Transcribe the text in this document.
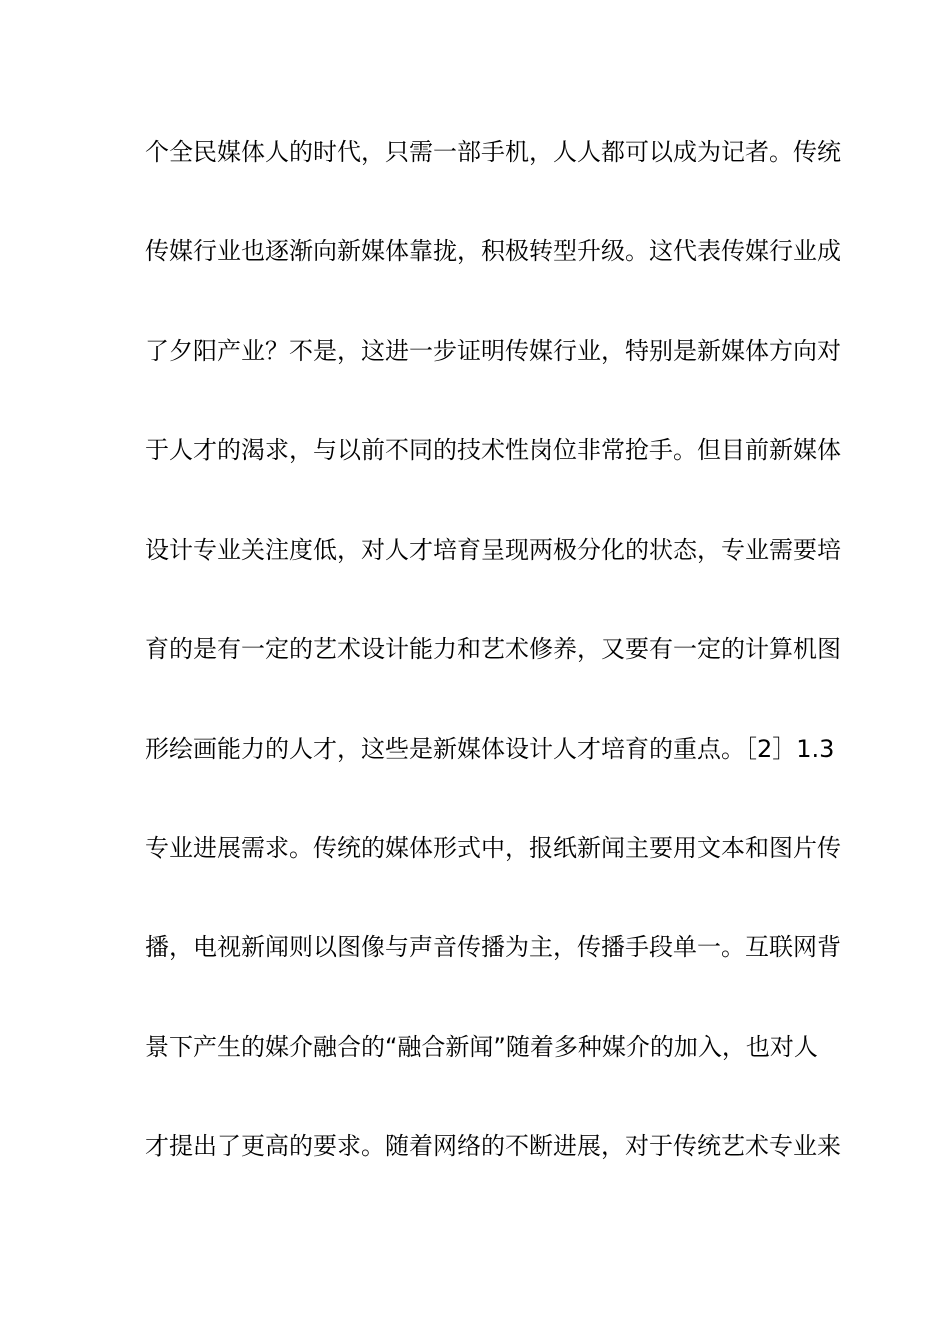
个全民媒体人的时代，只需一部手机，人人都可以成为记者。传统
传媒行业也逐渐向新媒体靠拢，积极转型升级。这代表传媒行业成
了夕阳产业？不是，这进一步证明传媒行业，特别是新媒体方向对
于人才的渴求，与以前不同的技术性岗位非常抢手。但目前新媒体
设计专业关注度低，对人才培育呈现两极分化的状态，专业需要培
育的是有一定的艺术设计能力和艺术修养，又要有一定的计算机图
形绘画能力的人才，这些是新媒体设计人才培育的重点。［2］1.3
专业进展需求。传统的媒体形式中，报纸新闻主要用文本和图片传
播，电视新闻则以图像与声音传播为主，传播手段单一。互联网背
景下产生的媒介融合的“融合新闻”随着多种媒介的加入，也对人
才提出了更高的要求。随着网络的不断进展，对于传统艺术专业来
